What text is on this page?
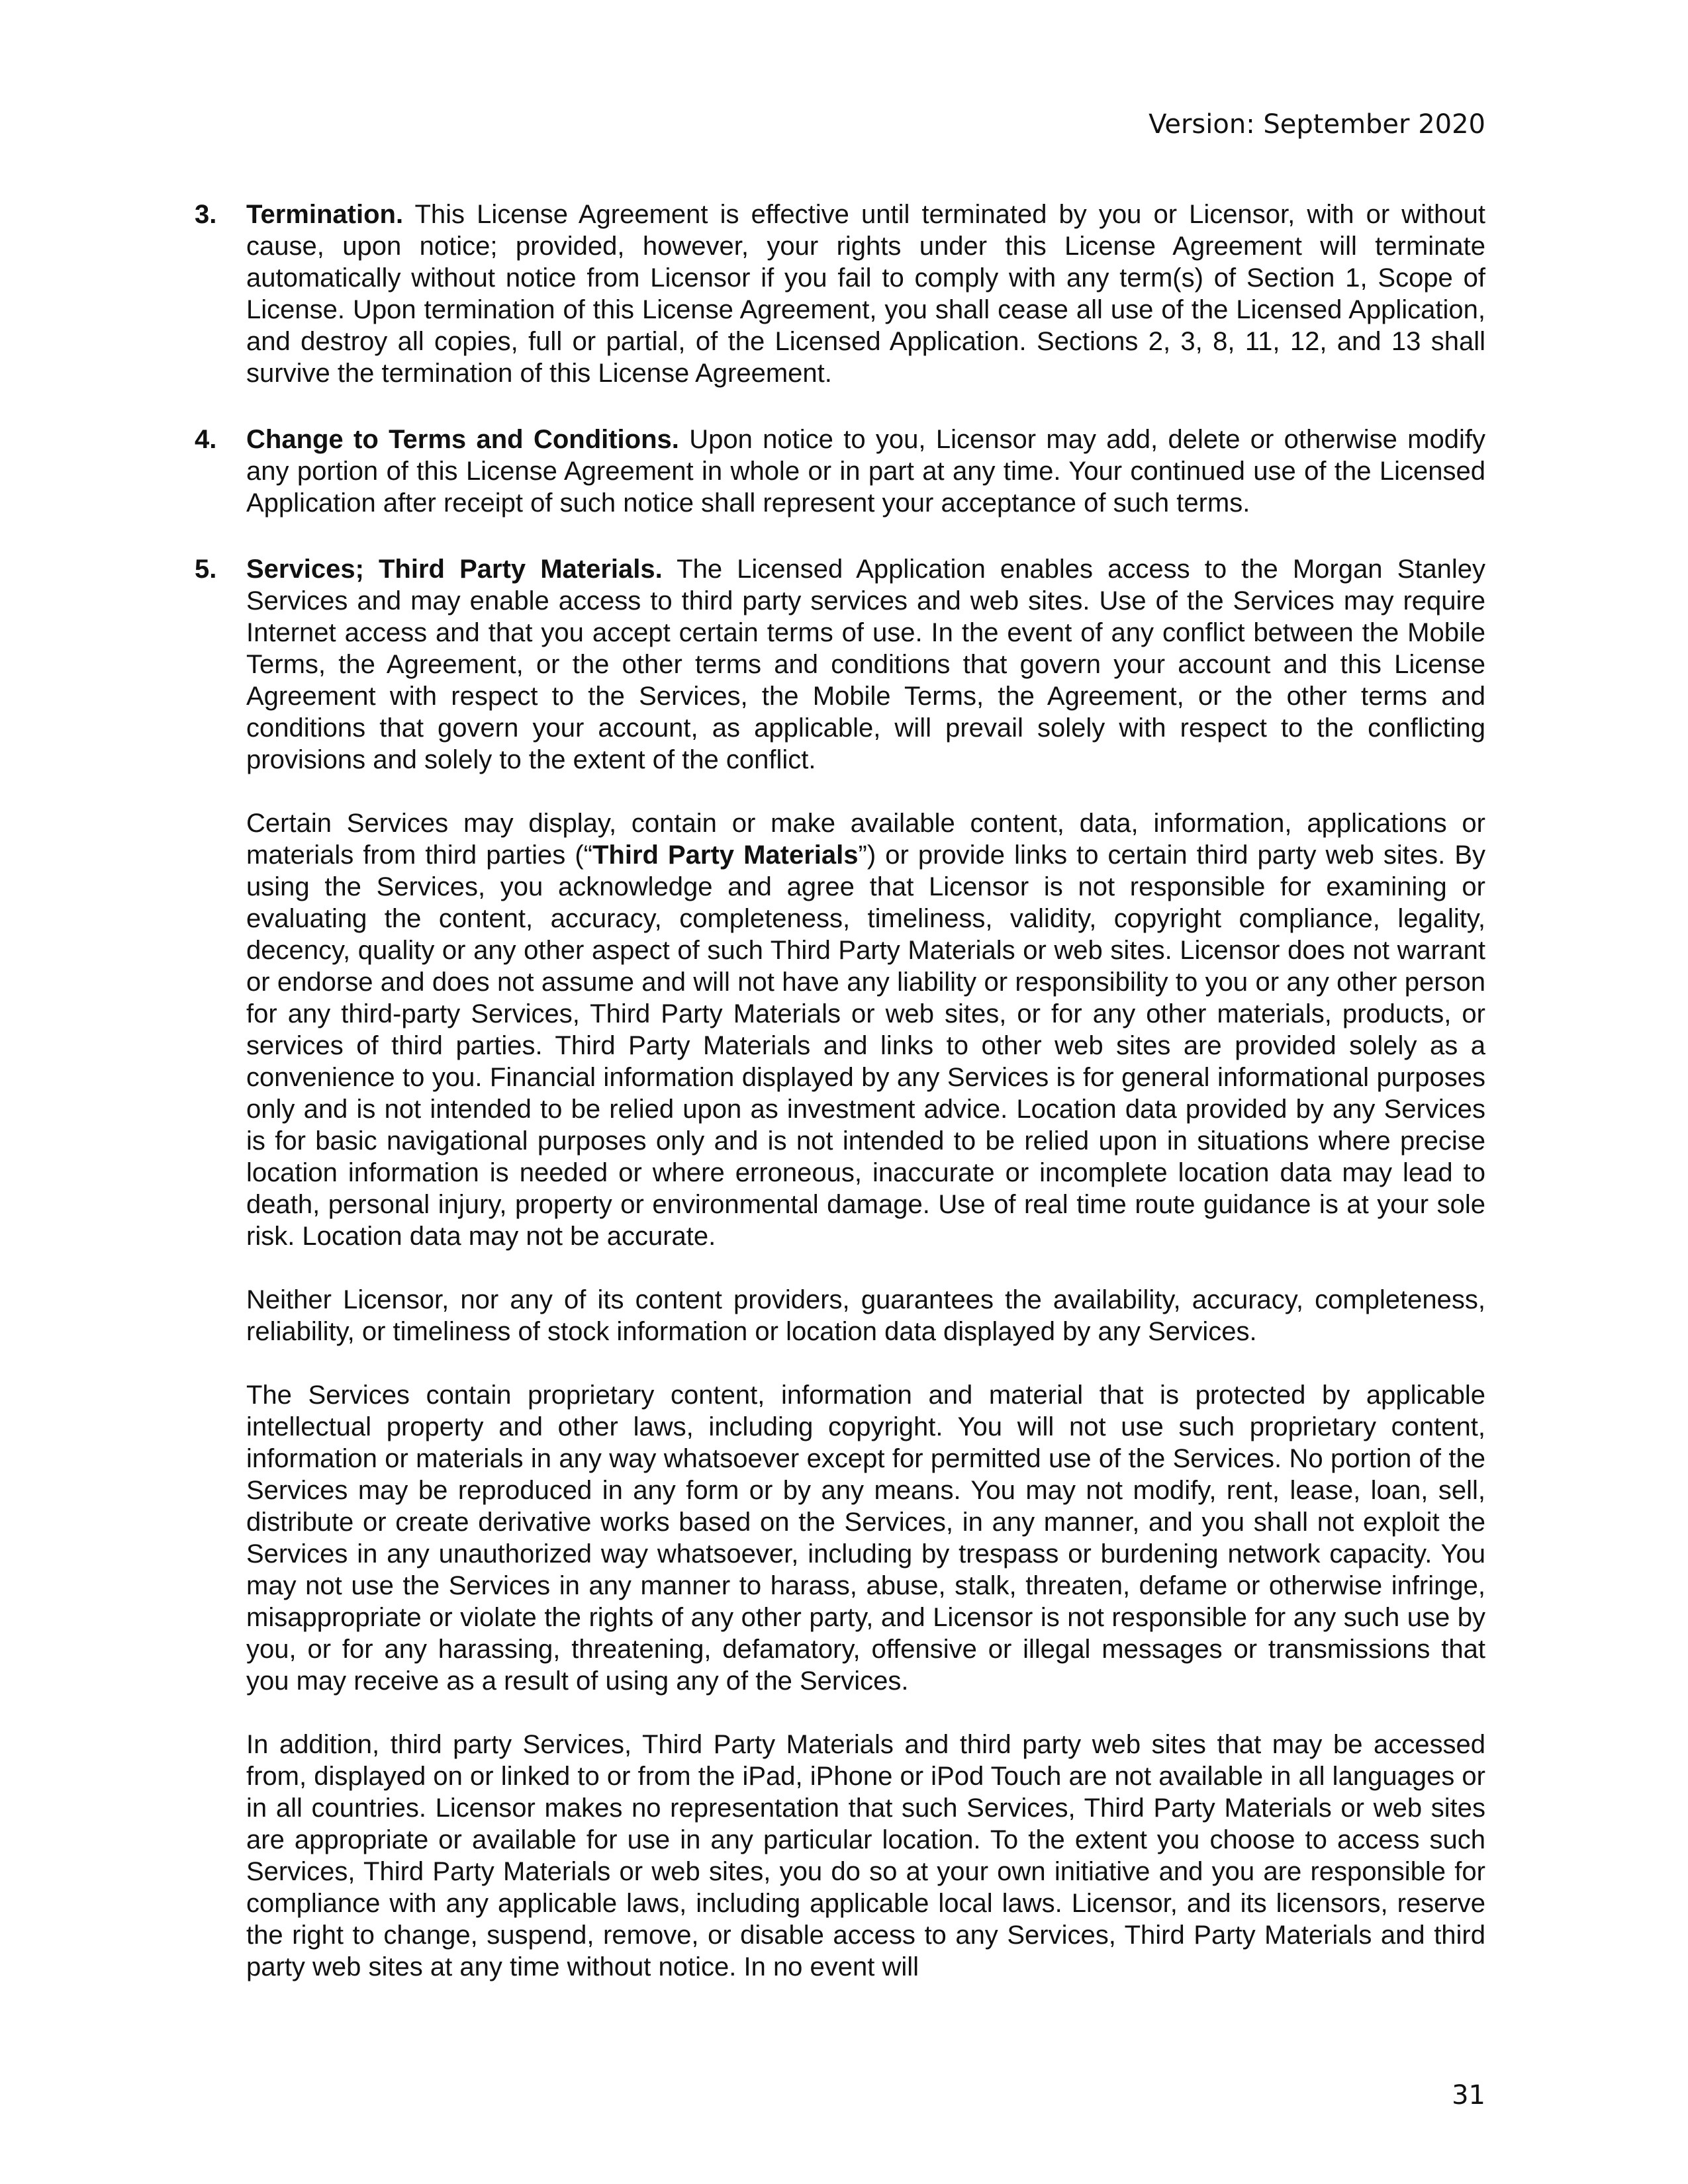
Version: September 2020
3.	Termination. This License Agreement is effective until terminated by you or Licensor, with or without cause, upon notice; provided, however, your rights under this License Agreement will terminate automatically without notice from Licensor if you fail to comply with any term(s) of Section 1, Scope of License. Upon termination of this License Agreement, you shall cease all use of the Licensed Application, and destroy all copies, full or partial, of the Licensed Application. Sections 2, 3, 8, 11, 12, and 13 shall survive the termination of this License Agreement.

4.	Change to Terms and Conditions. Upon notice to you, Licensor may add, delete or otherwise modify any portion of this License Agreement in whole or in part at any time. Your continued use of the Licensed Application after receipt of such notice shall represent your acceptance of such terms.

5.	Services; Third Party Materials. The Licensed Application enables access to the Morgan Stanley Services and may enable access to third party services and web sites. Use of the Services may require Internet access and that you accept certain terms of use. In the event of any conflict between the Mobile Terms, the Agreement, or the other terms and conditions that govern your account and this License Agreement with respect to the Services, the Mobile Terms, the Agreement, or the other terms and conditions that govern your account, as applicable, will prevail solely with respect to the conflicting provisions and solely to the extent of the conflict.

Certain Services may display, contain or make available content, data, information, applications or materials from third parties (“Third Party Materials”) or provide links to certain third party web sites. By using the Services, you acknowledge and agree that Licensor is not responsible for examining or evaluating the content, accuracy, completeness, timeliness, validity, copyright compliance, legality, decency, quality or any other aspect of such Third Party Materials or web sites. Licensor does not warrant or endorse and does not assume and will not have any liability or responsibility to you or any other person for any third-party Services, Third Party Materials or web sites, or for any other materials, products, or services of third parties. Third Party Materials and links to other web sites are provided solely as a convenience to you. Financial information displayed by any Services is for general informational purposes only and is not intended to be relied upon as investment advice. Location data provided by any Services is for basic navigational purposes only and is not intended to be relied upon in situations where precise location information is needed or where erroneous, inaccurate or incomplete location data may lead to death, personal injury, property or environmental damage. Use of real time route guidance is at your sole risk. Location data may not be accurate.

Neither Licensor, nor any of its content providers, guarantees the availability, accuracy, completeness, reliability, or timeliness of stock information or location data displayed by any Services.

The Services contain proprietary content, information and material that is protected by applicable intellectual property and other laws, including copyright. You will not use such proprietary content, information or materials in any way whatsoever except for permitted use of the Services. No portion of the Services may be reproduced in any form or by any means. You may not modify, rent, lease, loan, sell, distribute or create derivative works based on the Services, in any manner, and you shall not exploit the Services in any unauthorized way whatsoever, including by trespass or burdening network capacity. You may not use the Services in any manner to harass, abuse, stalk, threaten, defame or otherwise infringe, misappropriate or violate the rights of any other party, and Licensor is not responsible for any such use by you, or for any harassing, threatening, defamatory, offensive or illegal messages or transmissions that you may receive as a result of using any of the Services.

In addition, third party Services, Third Party Materials and third party web sites that may be accessed from, displayed on or linked to or from the iPad, iPhone or iPod Touch are not available in all languages or in all countries. Licensor makes no representation that such Services, Third Party Materials or web sites are appropriate or available for use in any particular location. To the extent you choose to access such Services, Third Party Materials or web sites, you do so at your own initiative and you are responsible for compliance with any applicable laws, including applicable local laws. Licensor, and its licensors, reserve the right to change, suspend, remove, or disable access to any Services, Third Party Materials and third party web sites at any time without notice. In no event will

31
